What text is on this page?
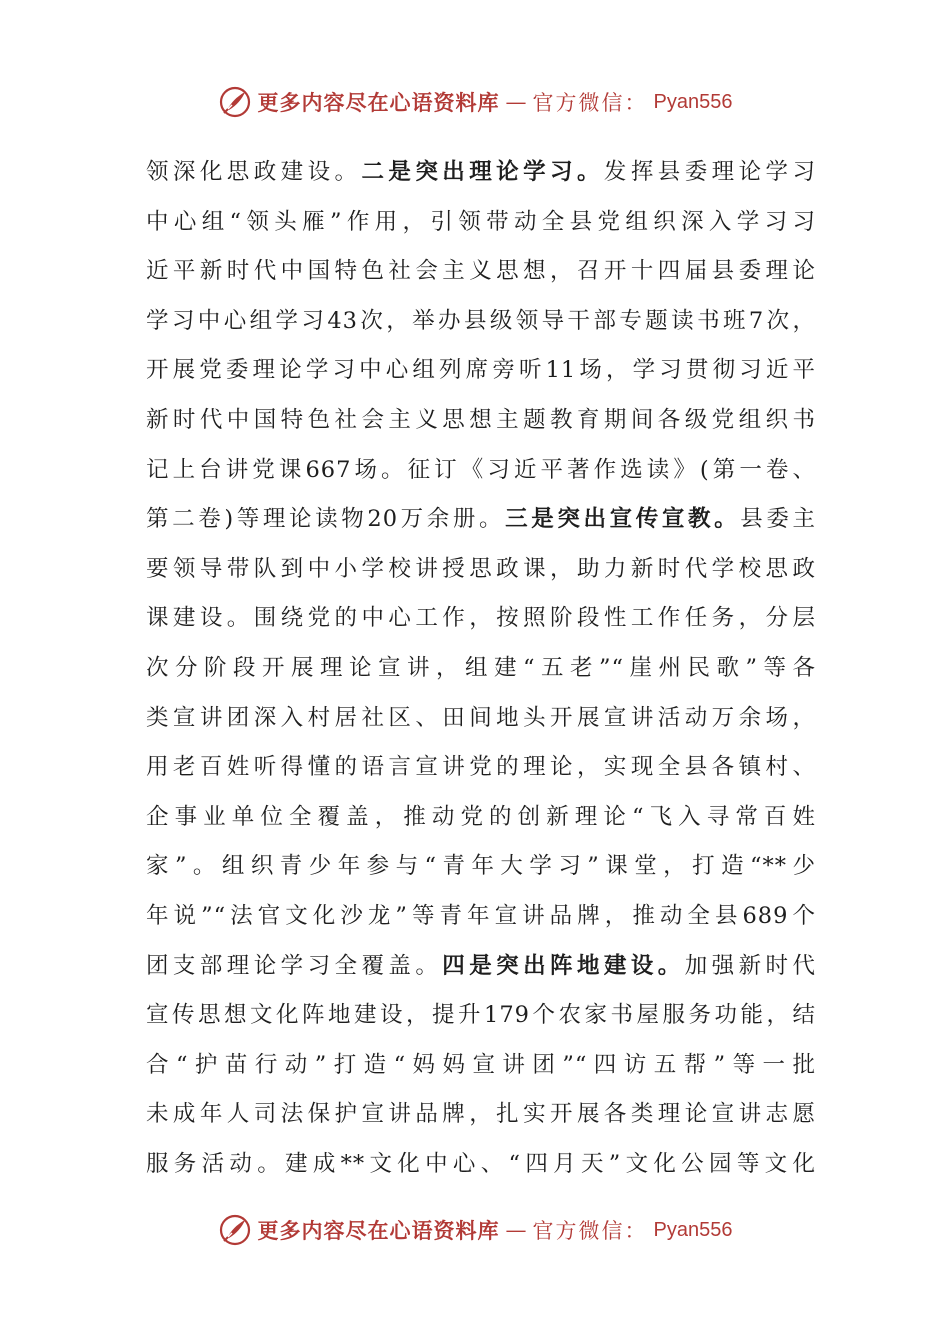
更多内容尽在心语资料库 — 官方微信： Pyan556
领深化思政建设。二是突出理论学习。发挥县委理论学习
中心组“领头雁”作用，引领带动全县党组织深入学习习
近平新时代中国特色社会主义思想，召开十四届县委理论
学习中心组学习43次，举办县级领导干部专题读书班7次，
开展党委理论学习中心组列席旁听11场，学习贯彻习近平
新时代中国特色社会主义思想主题教育期间各级党组织书
记上台讲党课667场。征订《习近平著作选读》(第一卷、
第二卷)等理论读物20万余册。三是突出宣传宣教。县委主
要领导带队到中小学校讲授思政课，助力新时代学校思政
课建设。围绕党的中心工作，按照阶段性工作任务，分层
次分阶段开展理论宣讲，组建“五老”“崖州民歌”等各
类宣讲团深入村居社区、田间地头开展宣讲活动万余场，
用老百姓听得懂的语言宣讲党的理论，实现全县各镇村、
企事业单位全覆盖，推动党的创新理论“飞入寻常百姓
家”。组织青少年参与“青年大学习”课堂，打造“**少
年说”“法官文化沙龙”等青年宣讲品牌，推动全县689个
团支部理论学习全覆盖。四是突出阵地建设。加强新时代
宣传思想文化阵地建设，提升179个农家书屋服务功能，结
合“护苗行动”打造“妈妈宣讲团”“四访五帮”等一批
未成年人司法保护宣讲品牌，扎实开展各类理论宣讲志愿
服务活动。建成**文化中心、“四月天”文化公园等文化
更多内容尽在心语资料库 — 官方微信： Pyan556
